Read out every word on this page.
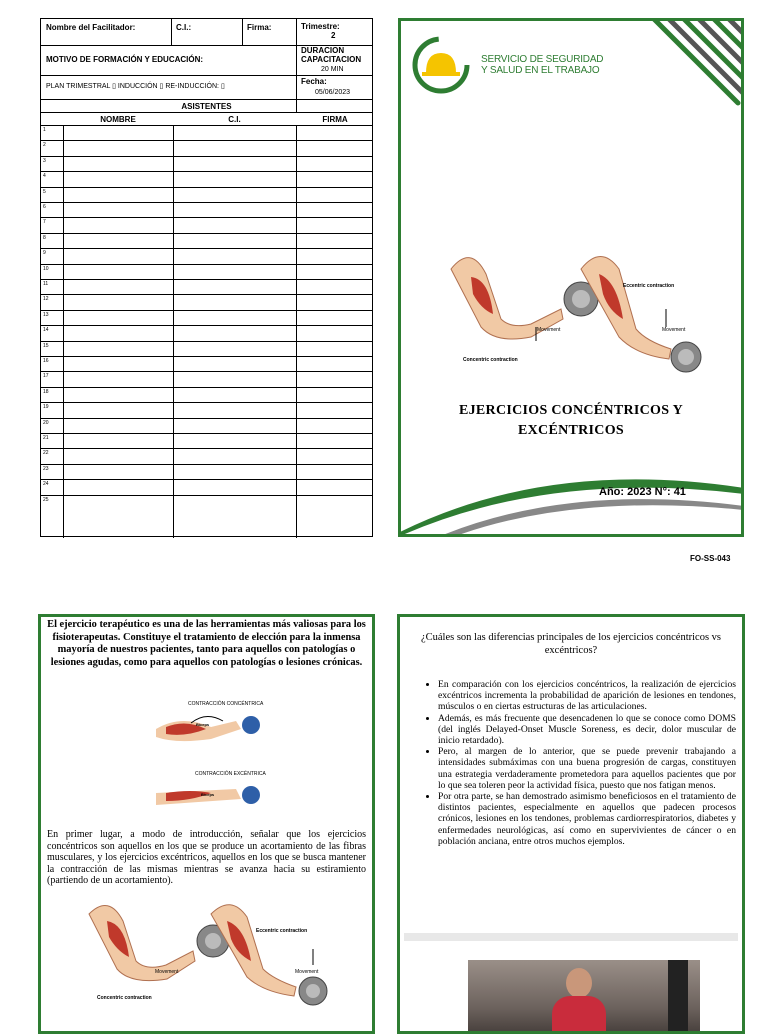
Nombre del Facilitador:	C.I.:	Firma:	Trimestre:
2
MOTIVO DE FORMACIÓN Y EDUCACIÓN:
DURACION CAPACITACION
20 MIN
PLAN TRIMESTRAL ▯ INDUCCIÓN ▯ RE-INDUCCIÓN: ▯
Fecha:
05/06/2023
ASISTENTES
NOMBRE	C.I.	FIRMA
1
2
3
4
5
6
7
8
9
10
11
12
13
14
15
16
17
18
19
20
21
22
23
24
25
SERVICIO DE SEGURIDAD
Y SALUD EN EL TRABAJO
Eccentric contraction
Concentric contraction
Movement	Movement
EJERCICIOS CONCÉNTRICOS Y
EXCÉNTRICOS
Año: 2023 N°: 41
FO-SS-043
El ejercicio terapéutico es una de las herramientas más valiosas para los fisioterapeutas. Constituye el tratamiento de elección para la inmensa mayoría de nuestros pacientes, tanto para aquellos con patologías o lesiones agudas, como para aquellos con patologías o lesiones crónicas.
CONTRACCIÓN CONCÉNTRICA
Bíceps
CONTRACCIÓN EXCÉNTRICA
Bíceps
En primer lugar, a modo de introducción, señalar que los ejercicios concéntricos son aquellos en los que se produce un acortamiento de las fibras musculares, y los ejercicios excéntricos, aquellos en los que se busca mantener la contracción de las mismas mientras se avanza hacia su estiramiento (partiendo de un acortamiento).
Eccentric contraction
Concentric contraction
Movement	Movement
¿Cuáles son las diferencias principales de los ejercicios concéntricos vs excéntricos?
• En comparación con los ejercicios concéntricos, la realización de ejercicios excéntricos incrementa la probabilidad de aparición de lesiones en tendones, músculos o en ciertas estructuras de las articulaciones.
• Además, es más frecuente que desencadenen lo que se conoce como DOMS (del inglés Delayed-Onset Muscle Soreness, es decir, dolor muscular de inicio retardado).
• Pero, al margen de lo anterior, que se puede prevenir trabajando a intensidades submáximas con una buena progresión de cargas, constituyen una estrategia verdaderamente prometedora para aquellos pacientes que por lo que sea toleren peor la actividad física, puesto que nos fatigan menos.
• Por otra parte, se han demostrado asimismo beneficiosos en el tratamiento de distintos pacientes, especialmente en aquellos que padecen procesos crónicos, lesiones en los tendones, problemas cardiorrespiratorios, diabetes y enfermedades neurológicas, así como en supervivientes de cáncer o en población anciana, entre otros muchos ejemplos.
